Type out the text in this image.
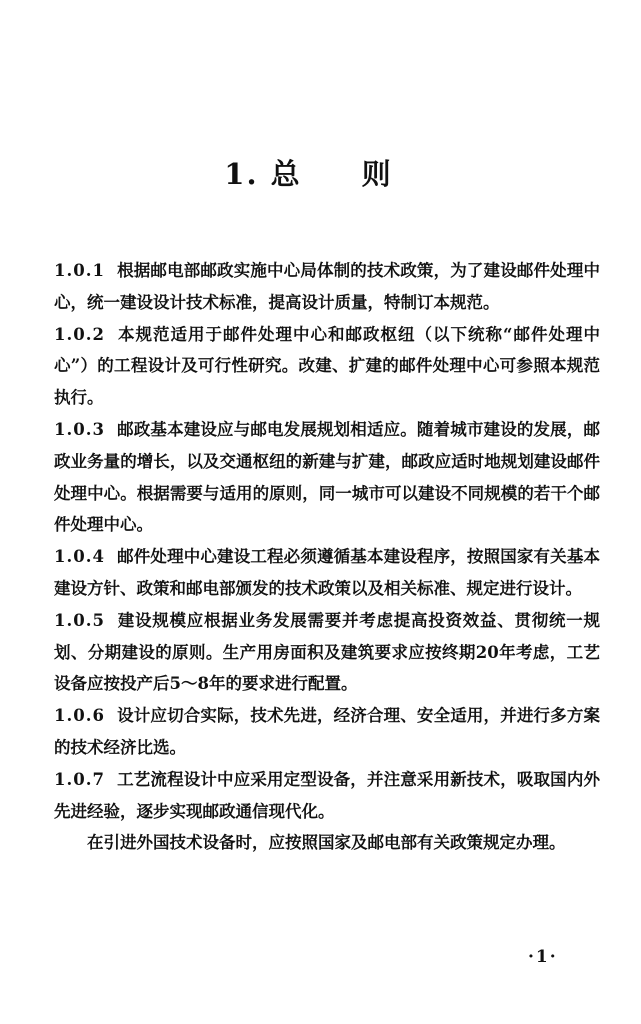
1. 总 则

1.0.1 根据邮电部邮政实施中心局体制的技术政策，为了建设邮件处理中心，统一建设设计技术标准，提高设计质量，特制订本规范。

1.0.2 本规范适用于邮件处理中心和邮政枢纽（以下统称“邮件处理中心”）的工程设计及可行性研究。改建、扩建的邮件处理中心可参照本规范执行。

1.0.3 邮政基本建设应与邮电发展规划相适应。随着城市建设的发展，邮政业务量的增长，以及交通枢纽的新建与扩建，邮政应适时地规划建设邮件处理中心。根据需要与适用的原则，同一城市可以建设不同规模的若干个邮件处理中心。

1.0.4 邮件处理中心建设工程必须遵循基本建设程序，按照国家有关基本建设方针、政策和邮电部颁发的技术政策以及相关标准、规定进行设计。

1.0.5 建设规模应根据业务发展需要并考虑提高投资效益、贯彻统一规划、分期建设的原则。生产用房面积及建筑要求应按终期20年考虑，工艺设备应按投产后5～8年的要求进行配置。

1.0.6 设计应切合实际，技术先进，经济合理、安全适用，并进行多方案的技术经济比选。

1.0.7 工艺流程设计中应采用定型设备，并注意采用新技术，吸取国内外先进经验，逐步实现邮政通信现代化。

在引进外国技术设备时，应按照国家及邮电部有关政策规定办理。

·1·
